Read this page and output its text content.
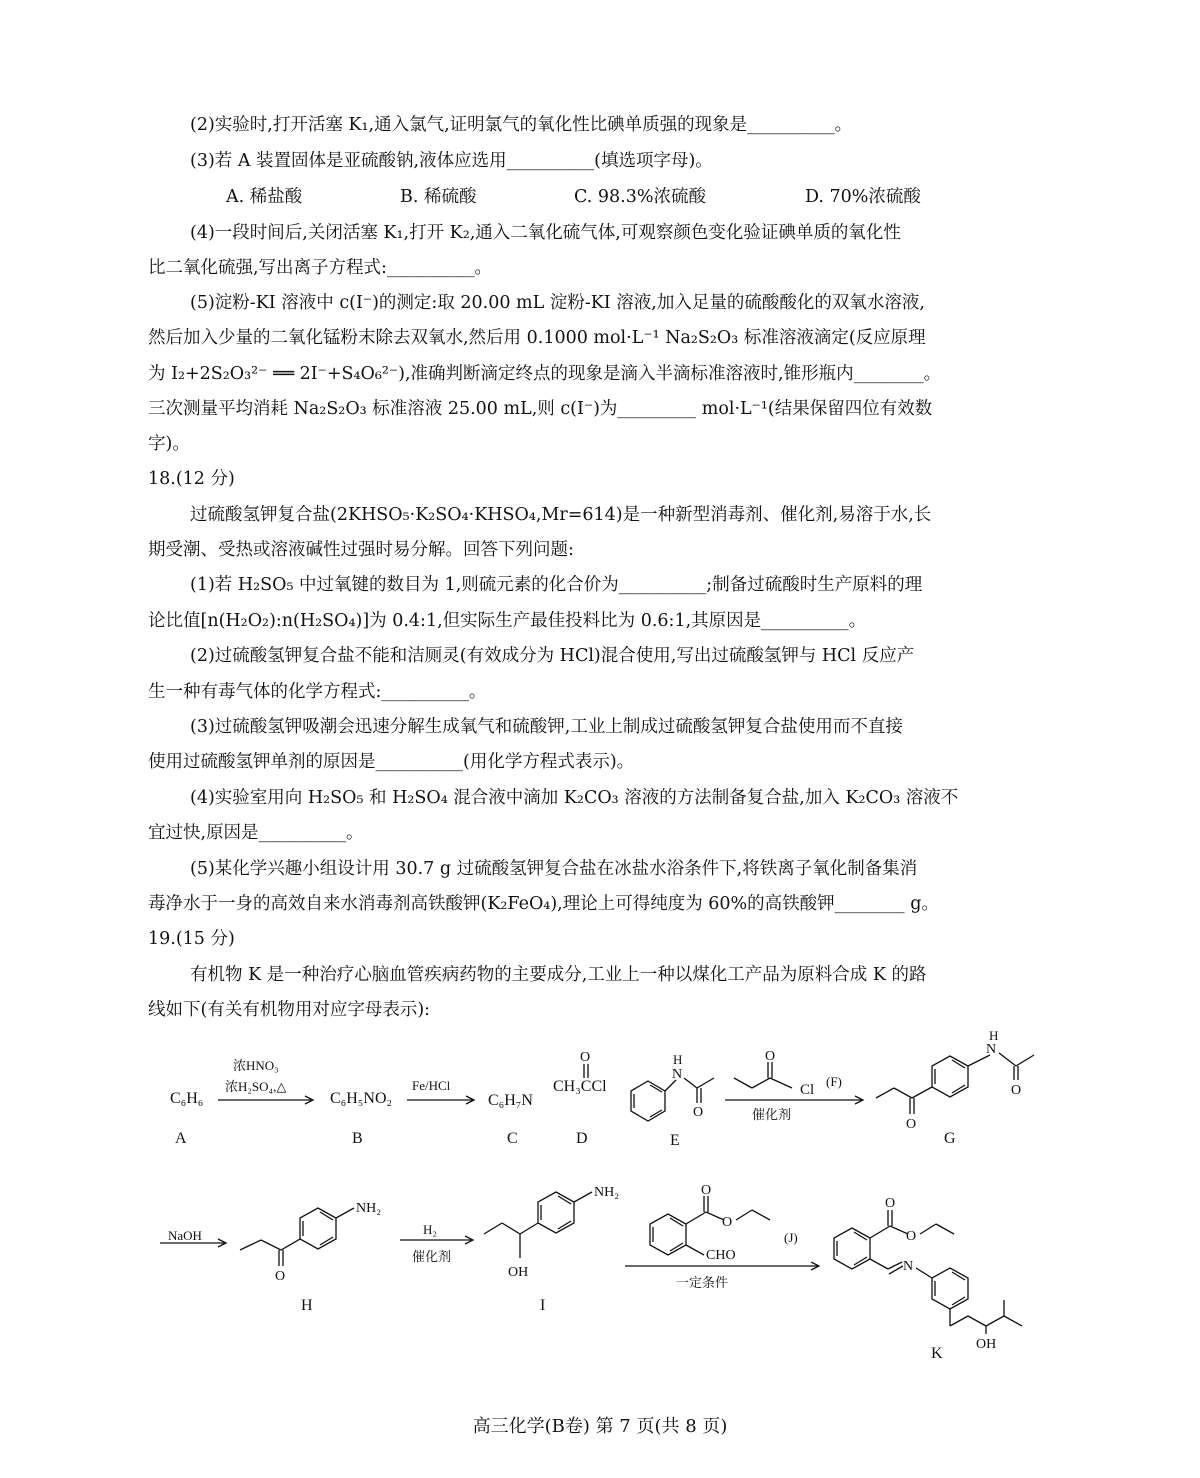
(2)实验时,打开活塞 K₁,通入氯气,证明氯气的氧化性比碘单质强的现象是__________。
(3)若 A 装置固体是亚硫酸钠,液体应选用__________(填选项字母)。
A. 稀盐酸	B. 稀硫酸	C. 98.3%浓硫酸	D. 70%浓硫酸
(4)一段时间后,关闭活塞 K₁,打开 K₂,通入二氧化硫气体,可观察颜色变化验证碘单质的氧化性
比二氧化硫强,写出离子方程式:__________。
(5)淀粉-KI 溶液中 c(I⁻)的测定:取 20.00 mL 淀粉-KI 溶液,加入足量的硫酸酸化的双氧水溶液,
然后加入少量的二氧化锰粉末除去双氧水,然后用 0.1000 mol·L⁻¹ Na₂S₂O₃ 标准溶液滴定(反应原理
为 I₂+2S₂O₃²⁻ ══ 2I⁻+S₄O₆²⁻),准确判断滴定终点的现象是滴入半滴标准溶液时,锥形瓶内________。
三次测量平均消耗 Na₂S₂O₃ 标准溶液 25.00 mL,则 c(I⁻)为_________ mol·L⁻¹(结果保留四位有效数
字)。
18.(12 分)
过硫酸氢钾复合盐(2KHSO₅·K₂SO₄·KHSO₄,Mr=614)是一种新型消毒剂、催化剂,易溶于水,长
期受潮、受热或溶液碱性过强时易分解。回答下列问题:
(1)若 H₂SO₅ 中过氧键的数目为 1,则硫元素的化合价为__________;制备过硫酸时生产原料的理
论比值[n(H₂O₂):n(H₂SO₄)]为 0.4:1,但实际生产最佳投料比为 0.6:1,其原因是__________。
(2)过硫酸氢钾复合盐不能和洁厕灵(有效成分为 HCl)混合使用,写出过硫酸氢钾与 HCl 反应产
生一种有毒气体的化学方程式:__________。
(3)过硫酸氢钾吸潮会迅速分解生成氧气和硫酸钾,工业上制成过硫酸氢钾复合盐使用而不直接
使用过硫酸氢钾单剂的原因是__________(用化学方程式表示)。
(4)实验室用向 H₂SO₅ 和 H₂SO₄ 混合液中滴加 K₂CO₃ 溶液的方法制备复合盐,加入 K₂CO₃ 溶液不
宜过快,原因是__________。
(5)某化学兴趣小组设计用 30.7 g 过硫酸氢钾复合盐在冰盐水浴条件下,将铁离子氧化制备集消
毒净水于一身的高效自来水消毒剂高铁酸钾(K₂FeO₄),理论上可得纯度为 60%的高铁酸钾________ g。
19.(15 分)
有机物 K 是一种治疗心脑血管疾病药物的主要成分,工业上一种以煤化工产品为原料合成 K 的路
线如下(有关有机物用对应字母表示):
C₆H₆	C₆H₅NO₂	C₆H₇N
CH₃CCl
浓HNO₃
浓H₂SO₄,△	Fe/HCl
催化剂
NaOH	H₂
催化剂
一定条件
(J)
(F)
A	B	C	D	E	G
H	I
K
O
N
H
O
O
Cl
N
H
O
O
NH₂
O
NH₂
OH
O
O
CHO
O
O
N
OH
高三化学(B卷) 第 7 页(共 8 页)
